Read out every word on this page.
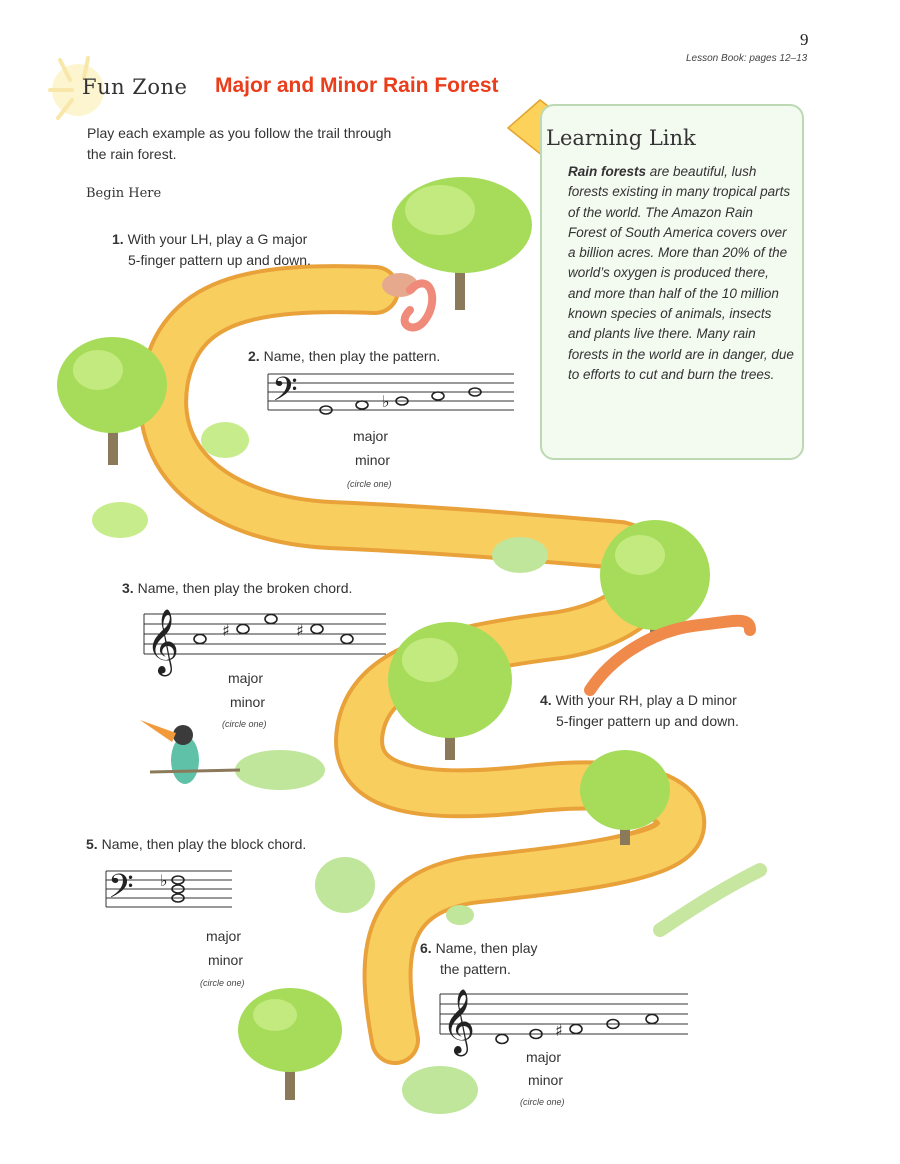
𝄢	♭
𝄞	♯	♯
𝄢 ♭
𝄞	♯
9
Lesson Book: pages 12–13
Fun Zone Major and Minor Rain Forest
Play each example as you follow the trail through the rain forest.
Begin Here
Learning Link
Rain forests are beautiful, lush forests existing in many tropical parts of the world. The Amazon Rain Forest of South America covers over a billion acres. More than 20% of the world’s oxygen is produced there, and more than half of the 10 million known species of animals, insects and plants live there. Many rain forests in the world are in danger, due to efforts to cut and burn the trees.
1. With your LH, play a G major
5-finger pattern up and down.
2. Name, then play the pattern.
major
minor
(circle one)
3. Name, then play the broken chord.
major
minor
(circle one)
4. With your RH, play a D minor
5-finger pattern up and down.
5. Name, then play the block chord.
major
minor
(circle one)
6. Name, then play
the pattern.
major
minor
(circle one)
